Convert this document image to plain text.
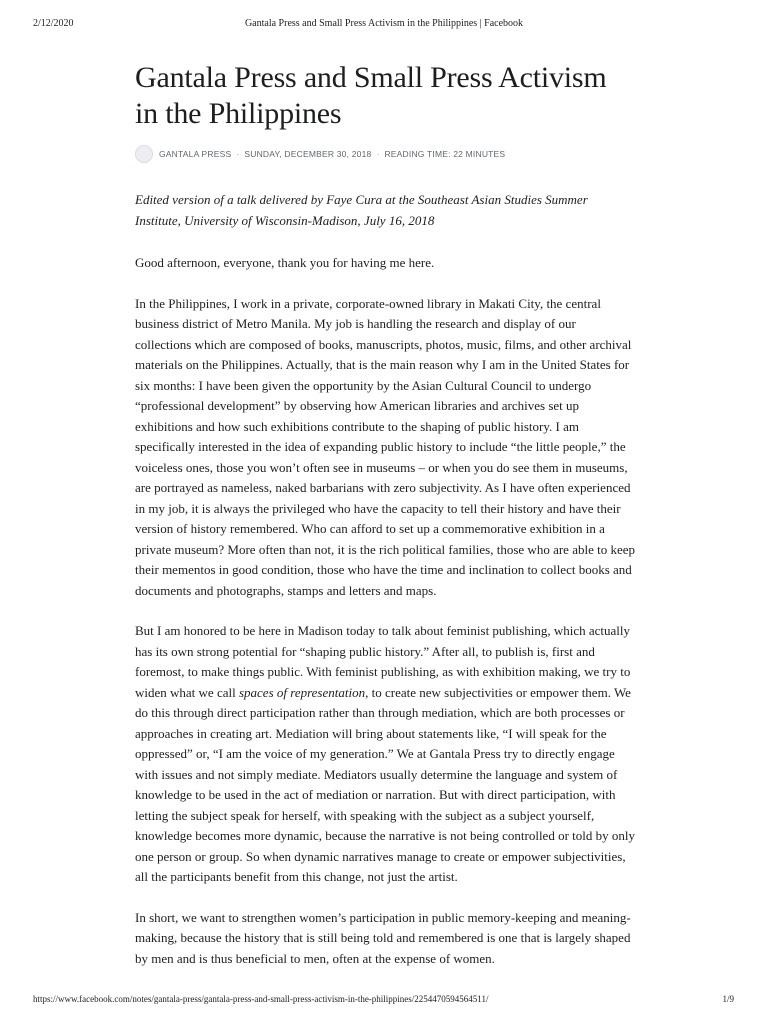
2/12/2020	Gantala Press and Small Press Activism in the Philippines | Facebook
Gantala Press and Small Press Activism
in the Philippines
GANTALA PRESS · SUNDAY, DECEMBER 30, 2018 · READING TIME: 22 MINUTES

Edited version of a talk delivered by Faye Cura at the Southeast Asian Studies Summer Institute, University of Wisconsin-Madison, July 16, 2018

Good afternoon, everyone, thank you for having me here.

In the Philippines, I work in a private, corporate-owned library in Makati City, the central business district of Metro Manila. My job is handling the research and display of our collections which are composed of books, manuscripts, photos, music, films, and other archival materials on the Philippines. Actually, that is the main reason why I am in the United States for six months: I have been given the opportunity by the Asian Cultural Council to undergo “professional development” by observing how American libraries and archives set up exhibitions and how such exhibitions contribute to the shaping of public history. I am specifically interested in the idea of expanding public history to include “the little people,” the voiceless ones, those you won’t often see in museums – or when you do see them in museums, are portrayed as nameless, naked barbarians with zero subjectivity. As I have often experienced in my job, it is always the privileged who have the capacity to tell their history and have their version of history remembered. Who can afford to set up a commemorative exhibition in a private museum? More often than not, it is the rich political families, those who are able to keep their mementos in good condition, those who have the time and inclination to collect books and documents and photographs, stamps and letters and maps.

But I am honored to be here in Madison today to talk about feminist publishing, which actually has its own strong potential for “shaping public history.” After all, to publish is, first and foremost, to make things public. With feminist publishing, as with exhibition making, we try to widen what we call spaces of representation, to create new subjectivities or empower them. We do this through direct participation rather than through mediation, which are both processes or approaches in creating art. Mediation will bring about statements like, “I will speak for the oppressed” or, “I am the voice of my generation.” We at Gantala Press try to directly engage with issues and not simply mediate. Mediators usually determine the language and system of knowledge to be used in the act of mediation or narration. But with direct participation, with letting the subject speak for herself, with speaking with the subject as a subject yourself, knowledge becomes more dynamic, because the narrative is not being controlled or told by only one person or group. So when dynamic narratives manage to create or empower subjectivities, all the participants benefit from this change, not just the artist.

In short, we want to strengthen women’s participation in public memory-keeping and meaning-making, because the history that is still being told and remembered is one that is largely shaped by men and is thus beneficial to men, often at the expense of women.

https://www.facebook.com/notes/gantala-press/gantala-press-and-small-press-activism-in-the-philippines/2254470594564511/	1/9
